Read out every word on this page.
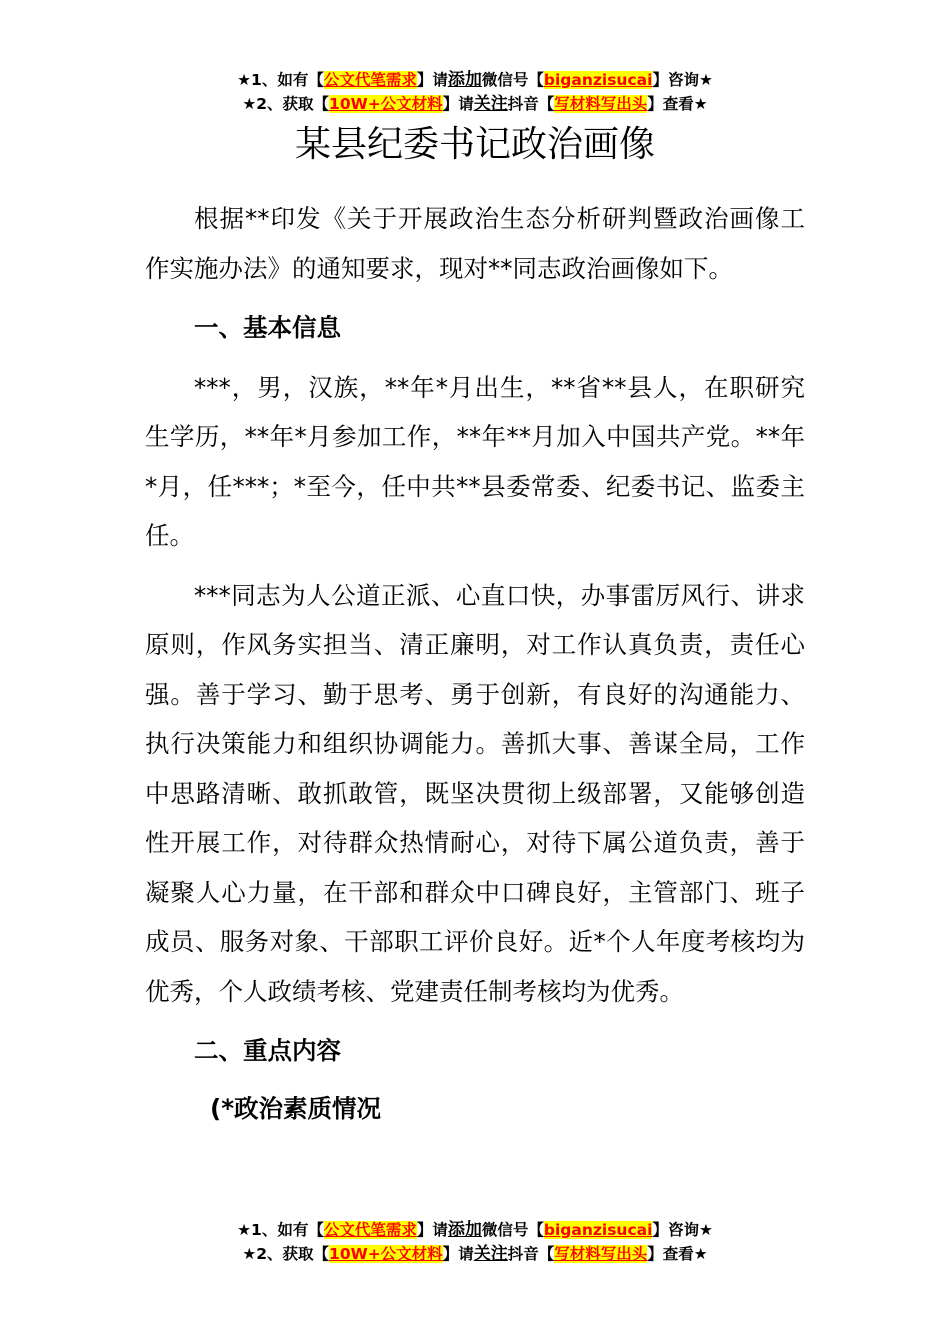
★1、如有【公文代笔需求】请添加微信号【biganzisucai】咨询★
★2、获取【10W+公文材料】请关注抖音【写材料写出头】查看★
某县纪委书记政治画像

根据**印发《关于开展政治生态分析研判暨政治画像工作实施办法》的通知要求，现对**同志政治画像如下。

一、基本信息

***，男，汉族，**年*月出生，**省**县人，在职研究生学历，**年*月参加工作，**年**月加入中国共产党。**年*月，任***；*至今，任中共**县委常委、纪委书记、监委主任。

***同志为人公道正派、心直口快，办事雷厉风行、讲求原则，作风务实担当、清正廉明，对工作认真负责，责任心强。善于学习、勤于思考、勇于创新，有良好的沟通能力、执行决策能力和组织协调能力。善抓大事、善谋全局，工作中思路清晰、敢抓敢管，既坚决贯彻上级部署，又能够创造性开展工作，对待群众热情耐心，对待下属公道负责，善于凝聚人心力量，在干部和群众中口碑良好，主管部门、班子成员、服务对象、干部职工评价良好。近*个人年度考核均为优秀，个人政绩考核、党建责任制考核均为优秀。

二、重点内容

(*政治素质情况

★1、如有【公文代笔需求】请添加微信号【biganzisucai】咨询★
★2、获取【10W+公文材料】请关注抖音【写材料写出头】查看★
